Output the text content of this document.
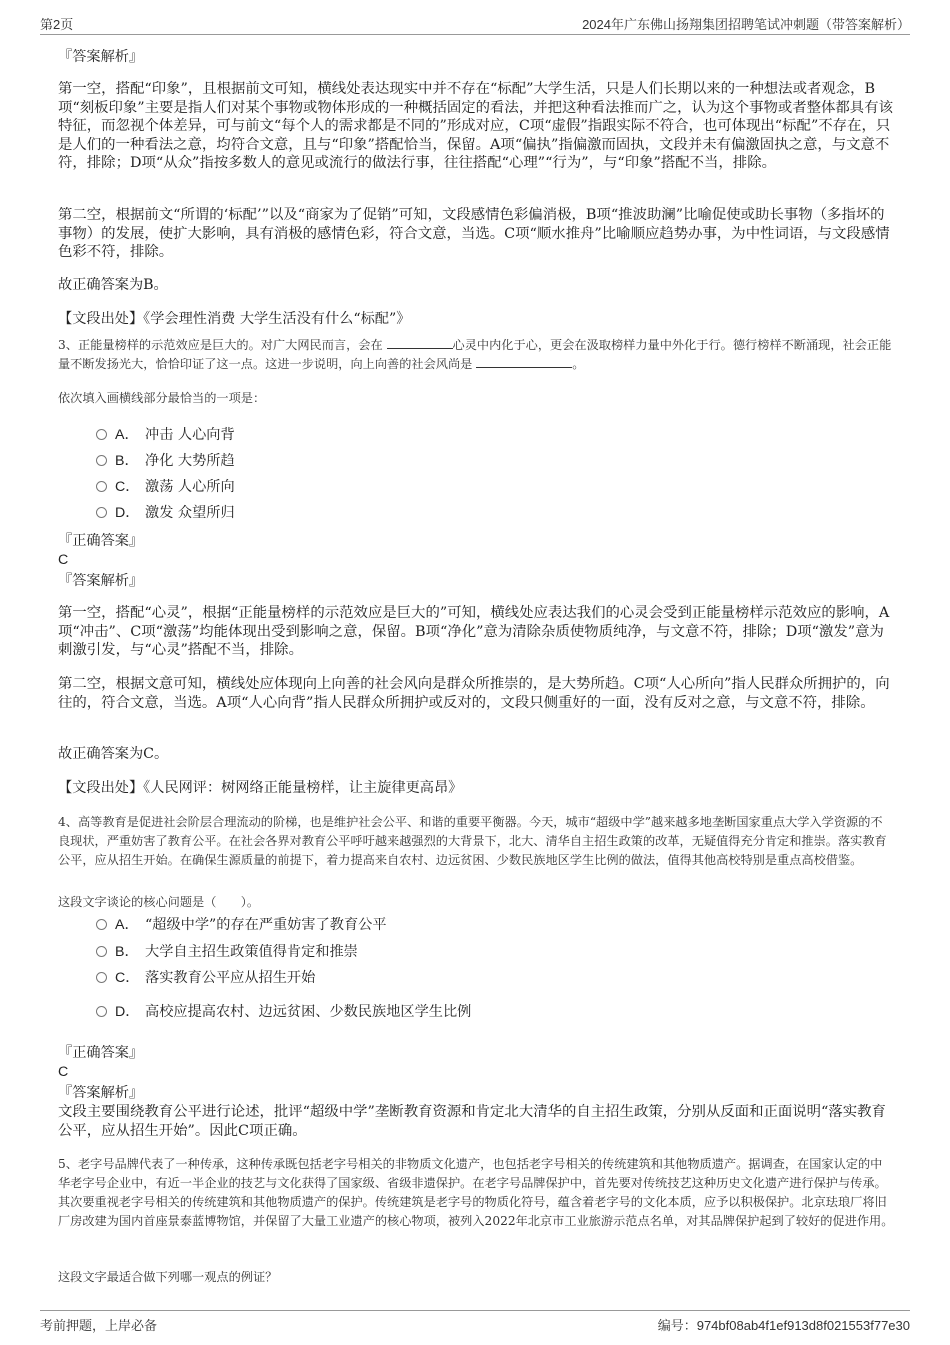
第2页	2024年广东佛山扬翔集团招聘笔试冲刺题（带答案解析）

『答案解析』

第一空，搭配“印象”，且根据前文可知，横线处表达现实中并不存在“标配”大学生活，只是人们长期以来的一种想法或者观念，B项“刻板印象”主要是指人们对某个事物或物体形成的一种概括固定的看法，并把这种看法推而广之，认为这个事物或者整体都具有该特征，而忽视个体差异，可与前文“每个人的需求都是不同的”形成对应，C项“虚假”指跟实际不符合，也可体现出“标配”不存在，只是人们的一种看法之意，均符合文意，且与“印象”搭配恰当，保留。A项“偏执”指偏激而固执，文段并未有偏激固执之意，与文意不符，排除；D项“从众”指按多数人的意见或流行的做法行事，往往搭配“心理”“行为”，与“印象”搭配不当，排除。

第二空，根据前文“所谓的‘标配’”以及“商家为了促销”可知，文段感情色彩偏消极，B项“推波助澜”比喻促使或助长事物（多指坏的事物）的发展，使扩大影响，具有消极的感情色彩，符合文意，当选。C项“顺水推舟”比喻顺应趋势办事，为中性词语，与文段感情色彩不符，排除。

故正确答案为B。

【文段出处】《学会理性消费 大学生活没有什么“标配”》

3、正能量榜样的示范效应是巨大的。对广大网民而言，会在	心灵中内化于心，更会在汲取榜样力量中外化于行。德行榜样不断涌现，社会正能量不断发扬光大，恰恰印证了这一点。这进一步说明，向上向善的社会风尚是	。

依次填入画横线部分最恰当的一项是：

A． 冲击 人心向背
B． 净化 大势所趋
C． 激荡 人心所向
D． 激发 众望所归

『正确答案』

C

『答案解析』

第一空，搭配“心灵”，根据“正能量榜样的示范效应是巨大的”可知，横线处应表达我们的心灵会受到正能量榜样示范效应的影响，A项“冲击”、C项“激荡”均能体现出受到影响之意，保留。B项“净化”意为清除杂质使物质纯净，与文意不符，排除；D项“激发”意为刺激引发，与“心灵”搭配不当，排除。

第二空，根据文意可知，横线处应体现向上向善的社会风向是群众所推崇的，是大势所趋。C项“人心所向”指人民群众所拥护的，向往的，符合文意，当选。A项“人心向背”指人民群众所拥护或反对的，文段只侧重好的一面，没有反对之意，与文意不符，排除。

故正确答案为C。

【文段出处】《人民网评：树网络正能量榜样，让主旋律更高昂》

4、高等教育是促进社会阶层合理流动的阶梯，也是维护社会公平、和谐的重要平衡器。今天，城市“超级中学”越来越多地垄断国家重点大学入学资源的不良现状，严重妨害了教育公平。在社会各界对教育公平呼吁越来越强烈的大背景下，北大、清华自主招生政策的改革，无疑值得充分肯定和推崇。落实教育公平，应从招生开始。在确保生源质量的前提下，着力提高来自农村、边远贫困、少数民族地区学生比例的做法，值得其他高校特别是重点高校借鉴。

这段文字谈论的核心问题是（　　）。

A． “超级中学”的存在严重妨害了教育公平
B． 大学自主招生政策值得肯定和推崇
C． 落实教育公平应从招生开始
D． 高校应提高农村、边远贫困、少数民族地区学生比例

『正确答案』

C

『答案解析』

文段主要围绕教育公平进行论述，批评“超级中学”垄断教育资源和肯定北大清华的自主招生政策，分别从反面和正面说明“落实教育公平，应从招生开始”。因此C项正确。

5、老字号品牌代表了一种传承，这种传承既包括老字号相关的非物质文化遗产，也包括老字号相关的传统建筑和其他物质遗产。据调查，在国家认定的中华老字号企业中，有近一半企业的技艺与文化获得了国家级、省级非遗保护。在老字号品牌保护中，首先要对传统技艺这种历史文化遗产进行保护与传承。其次要重视老字号相关的传统建筑和其他物质遗产的保护。传统建筑是老字号的物质化符号，蕴含着老字号的文化本质，应予以积极保护。北京珐琅厂将旧厂房改建为国内首座景泰蓝博物馆，并保留了大量工业遗产的核心物项，被列入2022年北京市工业旅游示范点名单，对其品牌保护起到了较好的促进作用。

这段文字最适合做下列哪一观点的例证？

考前押题，上岸必备	编号：974bf08ab4f1ef913d8f021553f77e30
